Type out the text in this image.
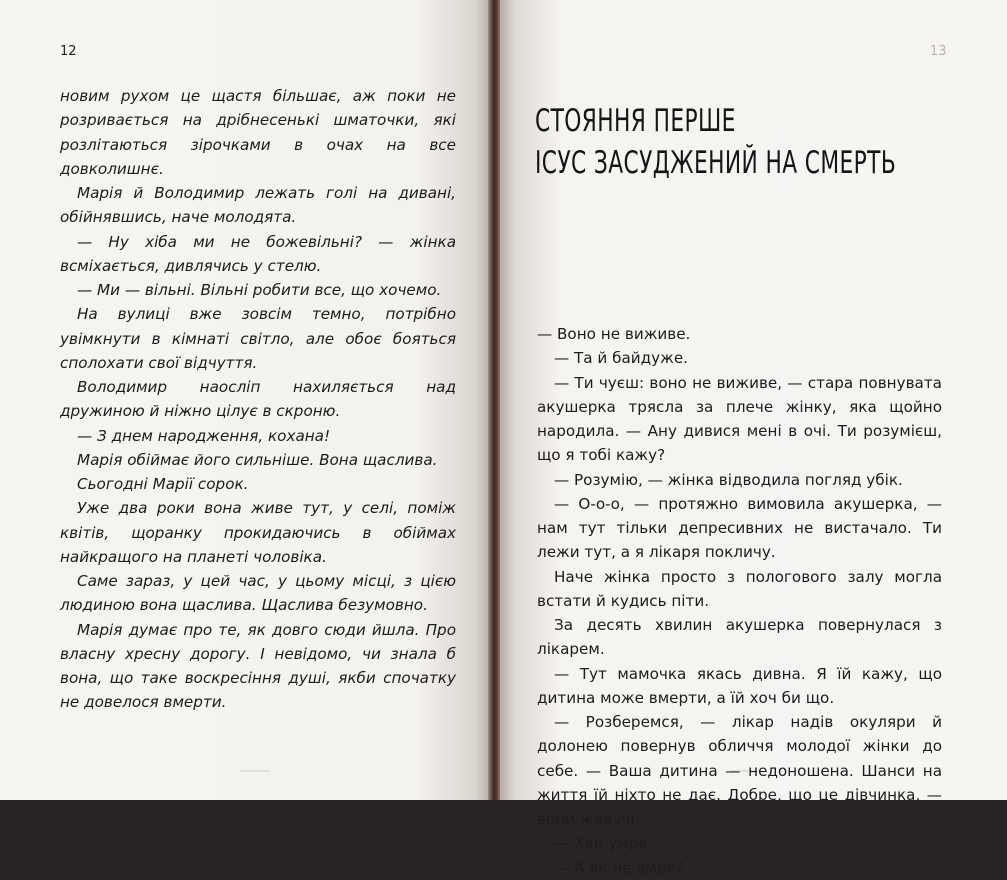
12

новим рухом це щастя більшає, аж поки не розривається на дрібнесенькі шматочки, які розлітаються зірочками в очах на все довколишнє.

Марія й Володимир лежать голі на дивані, обійнявшись, наче молодята.

— Ну хіба ми не божевільні? — жінка всміхається, дивлячись у стелю.

— Ми — вільні. Вільні робити все, що хочемо.

На вулиці вже зовсім темно, потрібно увімкнути в кімнаті світло, але обоє бояться сполохати свої відчуття.

Володимир наосліп нахиляється над дружиною й ніжно цілує в скроню.

— З днем народження, кохана!

Марія обіймає його сильніше. Вона щаслива.

Сьогодні Марії сорок.

Уже два роки вона живе тут, у селі, поміж квітів, щоранку прокидаючись в обіймах найкращого на планеті чоловіка.

Саме зараз, у цей час, у цьому місці, з цією людиною вона щаслива. Щаслива безумовно.

Марія думає про те, як довго сюди йшла. Про власну хресну дорогу. І невідомо, чи знала б вона, що таке воскресіння душі, якби спочатку не довелося вмерти.

13
СТОЯННЯ ПЕРШЕ
ІСУС ЗАСУДЖЕНИЙ НА СМЕРТЬ

— Воно не виживе.

— Та й байдуже.

— Ти чуєш: воно не виживе, — стара повнувата акушерка трясла за плече жінку, яка щойно народила. — Ану дивися мені в очі. Ти розумієш, що я тобі кажу?

— Розумію, — жінка відводила погляд убік.

— О-о-о, — протяжно вимовила акушерка, — нам тут тільки депресивних не вистачало. Ти лежи тут, а я лікаря покличу.

Наче жінка просто з пологового залу могла встати й кудись піти.

За десять хвилин акушерка повернулася з лікарем.

— Тут мамочка якась дивна. Я їй кажу, що дитина може вмерти, а їй хоч би що.

— Розберемся, — лікар надів окуляри й долонею повернув обличчя молодої жінки до себе. — Ваша дитина — недоношена. Шанси на життя їй ніхто не дає. Добре, що це дівчинка, — вони живучі.

— Хай умре.

— А як не вмре?
